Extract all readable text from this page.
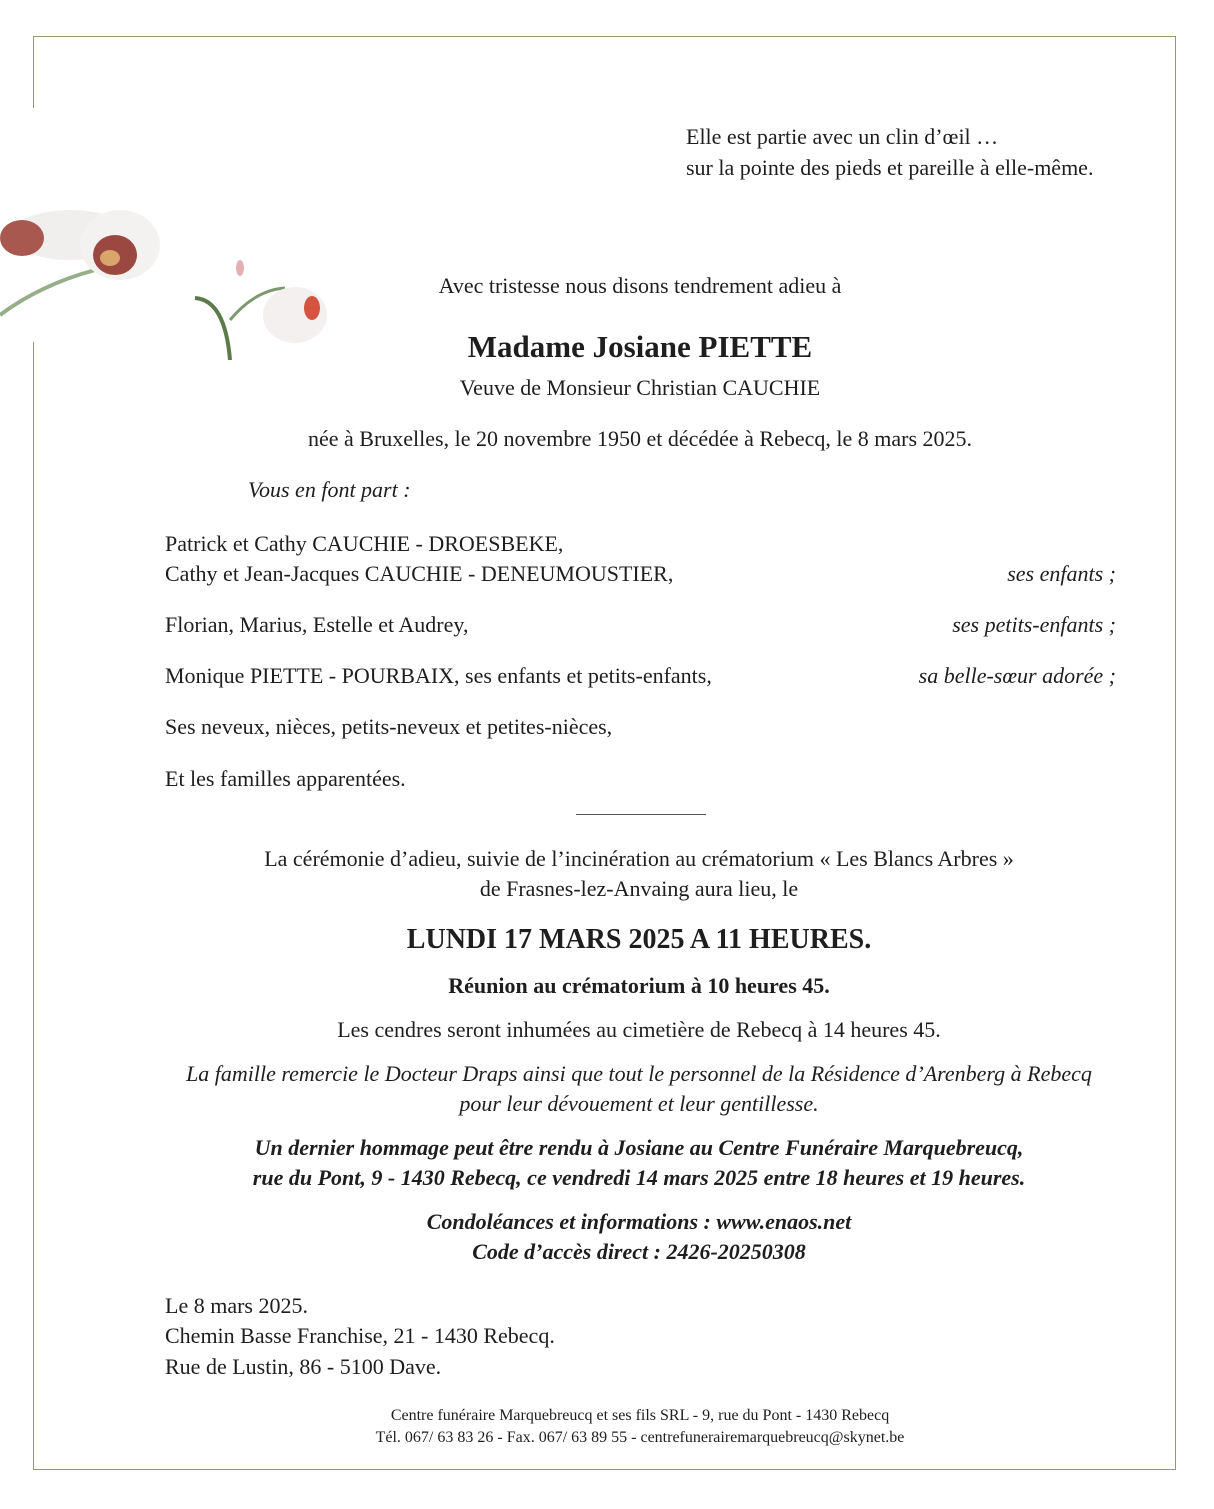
Elle est partie avec un clin d’œil …
sur la pointe des pieds et pareille à elle-même.
Avec tristesse nous disons tendrement adieu à
Madame Josiane PIETTE
Veuve de Monsieur Christian CAUCHIE
née à Bruxelles, le 20 novembre 1950 et décédée à Rebecq, le 8 mars 2025.
Vous en font part :
Patrick et Cathy CAUCHIE - DROESBEKE,
Cathy et Jean-Jacques CAUCHIE - DENEUMOUSTIER,	ses enfants ;
Florian, Marius, Estelle et Audrey,	ses petits-enfants ;
Monique PIETTE - POURBAIX, ses enfants et petits-enfants,	sa belle-sœur adorée ;
Ses neveux, nièces, petits-neveux et petites-nièces,
Et les familles apparentées.
La cérémonie d’adieu, suivie de l’incinération au crématorium « Les Blancs Arbres »
de Frasnes-lez-Anvaing aura lieu, le
LUNDI 17 MARS 2025 A 11 HEURES.
Réunion au crématorium à 10 heures 45.
Les cendres seront inhumées au cimetière de Rebecq à 14 heures 45.
La famille remercie le Docteur Draps ainsi que tout le personnel de la Résidence d’Arenberg à Rebecq
pour leur dévouement et leur gentillesse.
Un dernier hommage peut être rendu à Josiane au Centre Funéraire Marquebreucq,
rue du Pont, 9 - 1430 Rebecq, ce vendredi 14 mars 2025 entre 18 heures et 19 heures.
Condoléances et informations : www.enaos.net
Code d’accès direct : 2426-20250308
Le 8 mars 2025.
Chemin Basse Franchise, 21 - 1430 Rebecq.
Rue de Lustin, 86 - 5100 Dave.
Centre funéraire Marquebreucq et ses fils SRL - 9, rue du Pont - 1430 Rebecq
Tél. 067/ 63 83 26 - Fax. 067/ 63 89 55 - centrefunerairemarquebreucq@skynet.be
